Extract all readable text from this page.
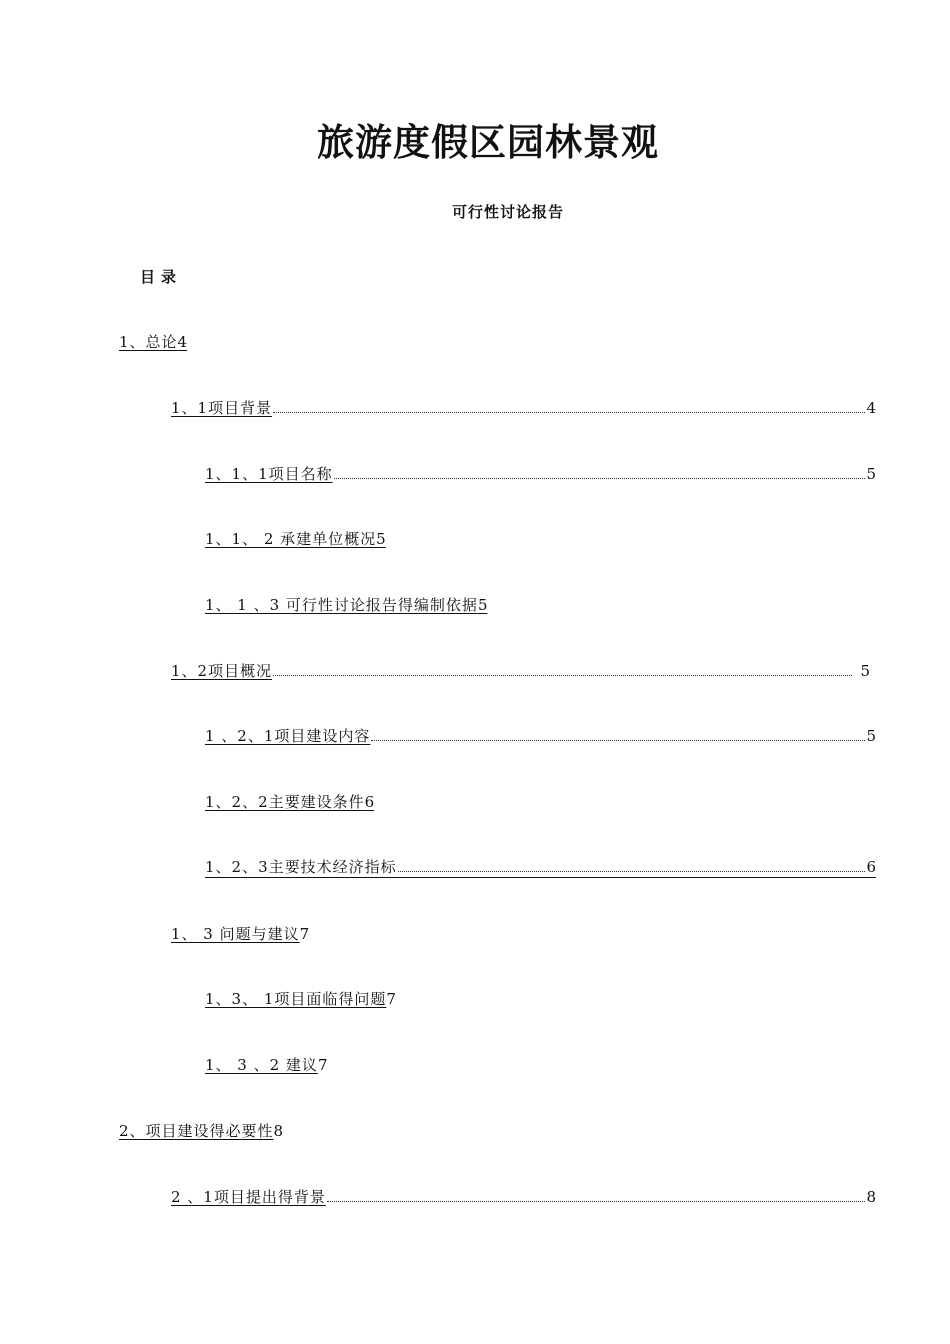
旅游度假区园林景观
可行性讨论报告
目录
1、总论 4
1、1项目背景	4
1、1、1项目名称	5
1、1、 2 承建单位概况 5
1、 1 、3 可行性讨论报告得编制依据 5
1、2项目概况	5
1 、2、1项目建设内容	5
1、2、2主要建设条件 6
1、2、3主要技术经济指标	6
1、 3 问题与建议 7
1、3、 1项目面临得问题 7
1、 3 、2 建议 7
2、项目建设得必要性 8
2 、1项目提出得背景	8
